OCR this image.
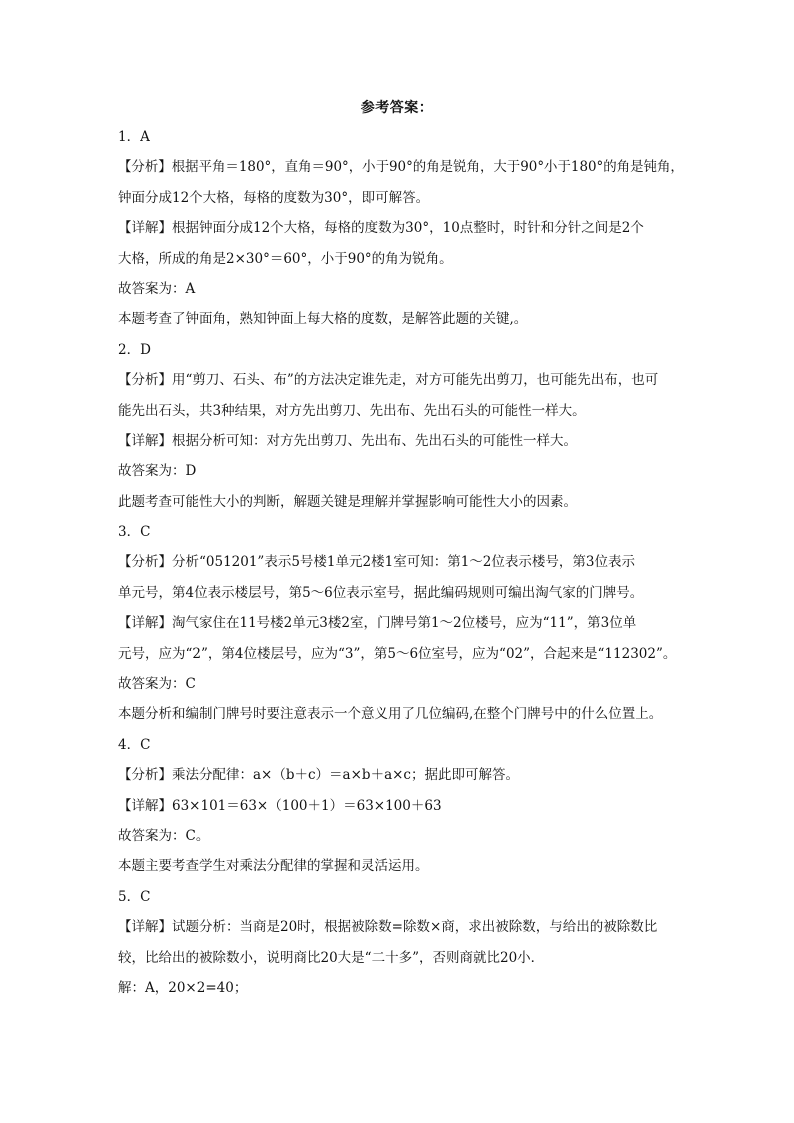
参考答案：
1．A
【分析】根据平角＝180°，直角＝90°，小于90°的角是锐角，大于90°小于180°的角是钝角，
钟面分成12个大格，每格的度数为30°，即可解答。
【详解】根据钟面分成12个大格，每格的度数为30°，10点整时，时针和分针之间是2个
大格，所成的角是2×30°＝60°，小于90°的角为锐角。
故答案为：A
本题考查了钟面角，熟知钟面上每大格的度数，是解答此题的关键,。
2．D
【分析】用“剪刀、石头、布”的方法决定谁先走，对方可能先出剪刀，也可能先出布，也可
能先出石头，共3种结果，对方先出剪刀、先出布、先出石头的可能性一样大。
【详解】根据分析可知：对方先出剪刀、先出布、先出石头的可能性一样大。
故答案为：D
此题考查可能性大小的判断，解题关键是理解并掌握影响可能性大小的因素。
3．C
【分析】分析“051201”表示5号楼1单元2楼1室可知：第1～2位表示楼号，第3位表示
单元号，第4位表示楼层号，第5～6位表示室号，据此编码规则可编出淘气家的门牌号。
【详解】淘气家住在11号楼2单元3楼2室，门牌号第1～2位楼号，应为“11”，第3位单
元号，应为“2”，第4位楼层号，应为“3”，第5～6位室号，应为“02”，合起来是“112302”。
故答案为：C
本题分析和编制门牌号时要注意表示一个意义用了几位编码,在整个门牌号中的什么位置上。
4．C
【分析】乘法分配律：a×（b＋c）＝a×b＋a×c；据此即可解答。
【详解】63×101＝63×（100＋1）＝63×100＋63
故答案为：C。
本题主要考查学生对乘法分配律的掌握和灵活运用。
5．C
【详解】试题分析：当商是20时，根据被除数=除数×商，求出被除数，与给出的被除数比
较，比给出的被除数小，说明商比20大是“二十多”，否则商就比20小．
解：A，20×2=40；
